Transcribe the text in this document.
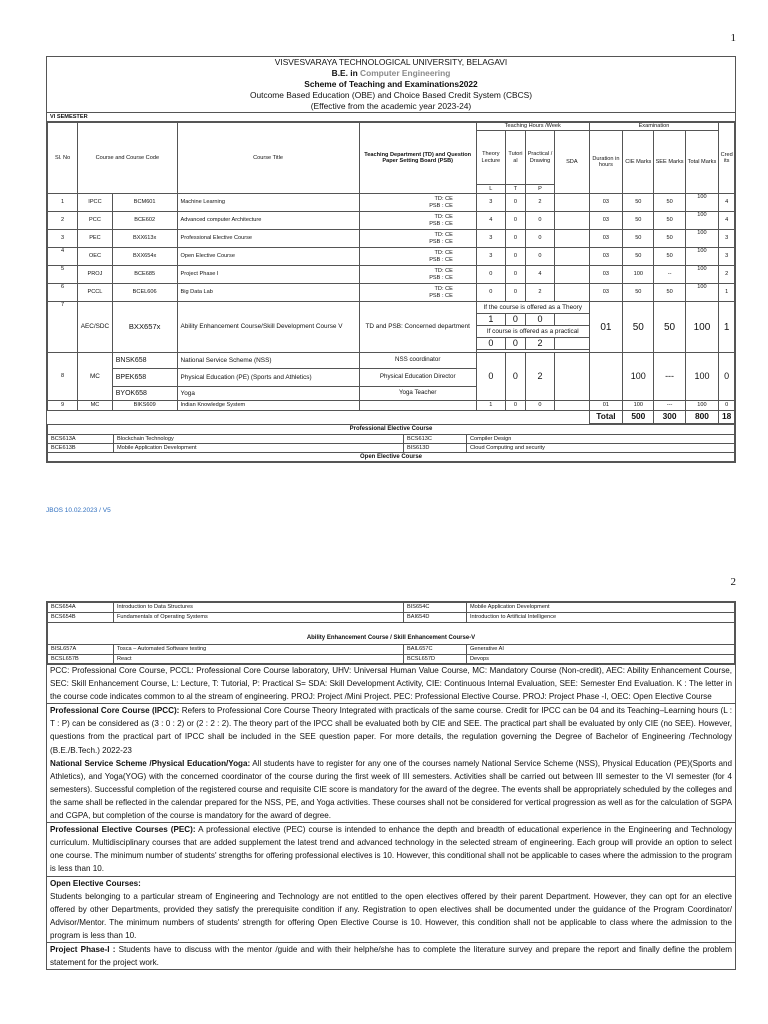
1
VISVESVARAYA TECHNOLOGICAL UNIVERSITY, BELAGAVI
B.E. in Computer Engineering
Scheme of Teaching and Examinations2022
Outcome Based Education (OBE) and Choice Based Credit System (CBCS)
(Effective from the academic year 2023-24)
VI SEMESTER
Sl. No	Course and Course Code		Course Title	Teaching Department (TD) and Question Paper Setting Board (PSB)	Teaching Hours /Week				Examination				Credits
					Theory Lecture	Tutorial	Practical / Drawing	SDA	Duration in hours	CIE Marks	SEE Marks	Total Marks	
					L	T	P						
1	IPCC	BCM601	Machine Learning	TD: CE
PSB : CE	3	0	2		03	50	50	100	4
2	PCC	BCE602	Advanced computer Architecture	TD: CE
PSB : CE	4	0	0		03	50	50	100	4
3	PEC	BXX613x	Professional Elective Course	TD: CE
PSB : CE	3	0	0		03	50	50	100	3
4	OEC	BXX654x	Open Elective Course	TD: CE
PSB : CE	3	0	0		03	50	50	100	3
5	PROJ	BCE685	Project Phase I	TD: CE
PSB : CE	0	0	4		03	100	--	100	2
6	PCCL	BCEL606	Big Data Lab	TD: CE
PSB : CE	0	0	2		03	50	50	100	1
7	AEC/SDC	BXX657x	Ability Enhancement Course/Skill Development Course V	TD and PSB: Concerned department	If the course is offered as a Theory				01	50	50	100	1
					1	0	0						
					If course is offered as a practical								
					0	0	2						

8	MC	BNSK658	National Service Scheme (NSS)	NSS coordinator	0	0	2			100	---	100	0
		BPEK658	Physical Education (PE) (Sports and Athletics)	Physical Education Director									
		BYOK658	Yoga	Yoga Teacher									
9	MC	BIKS609	Indian Knowledge System		1	0	0		01	100	---	100	0
									Total	500	300	800	18
Professional Elective Course			
BCS613A	Blockchain Technology	BCS613C	Compiler Design
BCE613B	Mobile Application Development	BIS613D	Cloud Computing and security
Open Elective Course			
JBOS 10.02.2023 / V5
2
BCS654A	Introduction to Data Structures	BIS654C	Mobile Application Development
BCS654B	Fundamentals of Operating Systems	BAI654D	Introduction to Artificial Intelligence
Ability Enhancement Course / Skill Enhancement Course-V			
BISL657A	Tosca – Automated Software testing	BAIL657C	Generative AI
BCSL657B	React	BCSL657D	Devops
PCC: Professional Core Course, PCCL: Professional Core Course laboratory, UHV: Universal Human Value Course, MC: Mandatory Course (Non-credit), AEC: Ability Enhancement Course, SEC: Skill Enhancement Course, L: Lecture, T: Tutorial, P: Practical S= SDA: Skill Development Activity, CIE: Continuous Internal Evaluation, SEE: Semester End Evaluation. K : The letter in the course code indicates common to al the stream of engineering. PROJ: Project /Mini Project. PEC: Professional Elective Course. PROJ: Project Phase -I, OEC: Open Elective Course
Professional Core Course (IPCC): Refers to Professional Core Course Theory Integrated with practicals of the same course. Credit for IPCC can be 04 and its Teaching–Learning hours (L : T : P) can be considered as (3 : 0 : 2) or (2 : 2 : 2). The theory part of the IPCC shall be evaluated both by CIE and SEE. The practical part shall be evaluated by only CIE (no SEE). However, questions from the practical part of IPCC shall be included in the SEE question paper. For more details, the regulation governing the Degree of Bachelor of Engineering /Technology (B.E./B.Tech.) 2022-23
National Service Scheme /Physical Education/Yoga: All students have to register for any one of the courses namely National Service Scheme (NSS), Physical Education (PE)(Sports and Athletics), and Yoga(YOG) with the concerned coordinator of the course during the first week of III semesters. Activities shall be carried out between III semester to the VI semester (for 4 semesters). Successful completion of the registered course and requisite CIE score is mandatory for the award of the degree. The events shall be appropriately scheduled by the colleges and the same shall be reflected in the calendar prepared for the NSS, PE, and Yoga activities. These courses shall not be considered for vertical progression as well as for the calculation of SGPA and CGPA, but completion of the course is mandatory for the award of degree.
Professional Elective Courses (PEC): A professional elective (PEC) course is intended to enhance the depth and breadth of educational experience in the Engineering and Technology curriculum. Multidisciplinary courses that are added supplement the latest trend and advanced technology in the selected stream of engineering. Each group will provide an option to select one course. The minimum number of students' strengths for offering professional electives is 10. However, this conditional shall not be applicable to cases where the admission to the program is less than 10.
Open Elective Courses:
Students belonging to a particular stream of Engineering and Technology are not entitled to the open electives offered by their parent Department. However, they can opt for an elective offered by other Departments, provided they satisfy the prerequisite condition if any. Registration to open electives shall be documented under the guidance of the Program Coordinator/ Advisor/Mentor. The minimum numbers of students' strength for offering Open Elective Course is 10. However, this condition shall not be applicable to class where the admission to the program is less than 10.
Project Phase-I : Students have to discuss with the mentor /guide and with their helphe/she has to complete the literature survey and prepare the report and finally define the problem statement for the project work.
